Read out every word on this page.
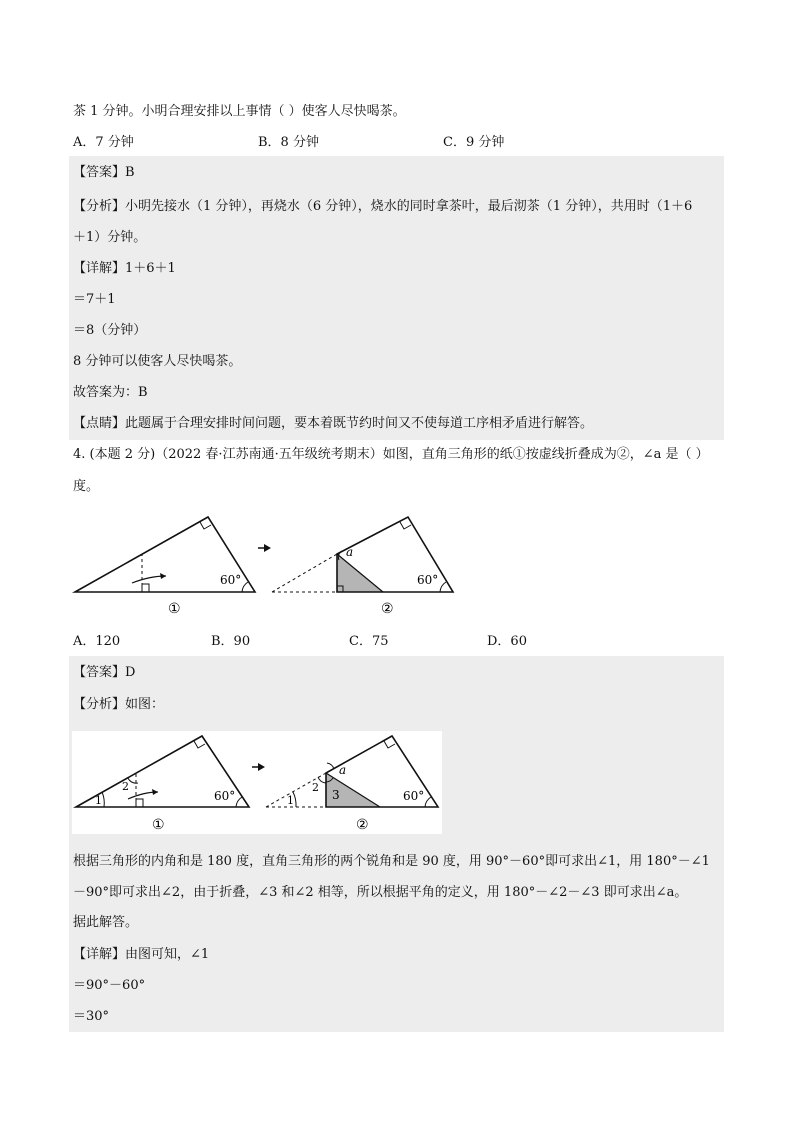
茶 1 分钟。小明合理安排以上事情（ ）使客人尽快喝茶。
A．7 分钟	B．8 分钟	C．9 分钟
【答案】B
【分析】小明先接水（1 分钟），再烧水（6 分钟），烧水的同时拿茶叶，最后沏茶（1 分钟），共用时（1＋6
＋1）分钟。
【详解】1＋6＋1
＝7＋1
＝8（分钟）
8 分钟可以使客人尽快喝茶。
故答案为：B
【点睛】此题属于合理安排时间问题，要本着既节约时间又不使每道工序相矛盾进行解答。
4. (本题 2 分)（2022 春·江苏南通·五年级统考期末）如图，直角三角形的纸①按虚线折叠成为②，∠a 是（ ）
度。
60°
①
a
60°
②
A．120	B．90	C．75	D．60
【答案】D
【分析】如图：
1
2
60°
①
1
2
3
a
60°
②
根据三角形的内角和是 180 度，直角三角形的两个锐角和是 90 度，用 90°－60°即可求出∠1，用 180°－∠1
－90°即可求出∠2，由于折叠，∠3 和∠2 相等，所以根据平角的定义，用 180°－∠2－∠3 即可求出∠a。
据此解答。
【详解】由图可知，∠1
＝90°－60°
＝30°
